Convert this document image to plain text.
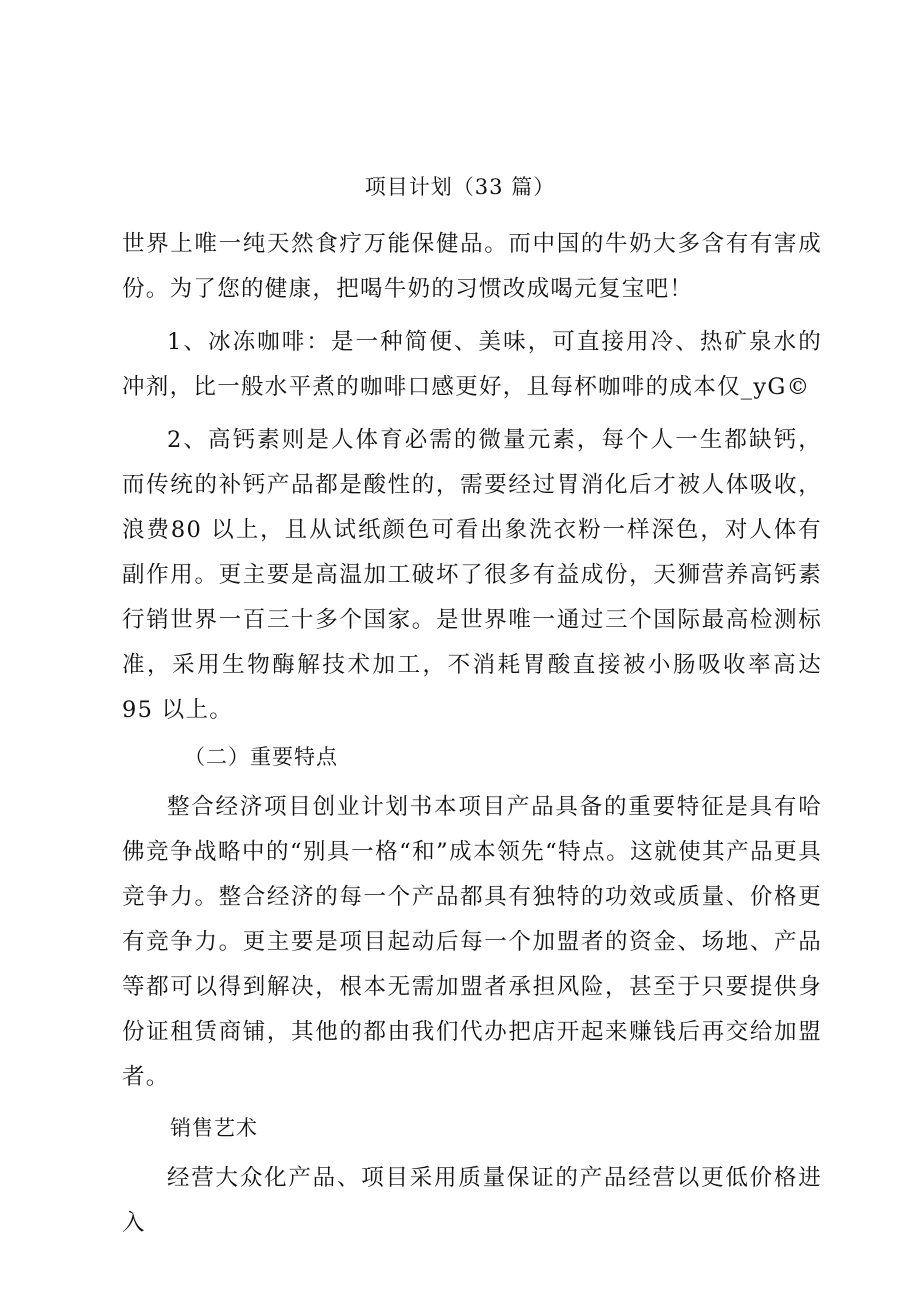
项目计划（33 篇）

世界上唯一纯天然食疗万能保健品。而中国的牛奶大多含有有害成份。为了您的健康，把喝牛奶的习惯改成喝元复宝吧！

1、冰冻咖啡：是一种简便、美味，可直接用冷、热矿泉水的冲剂，比一般水平煮的咖啡口感更好，且每杯咖啡的成本仅_yG©

2、高钙素则是人体育必需的微量元素，每个人一生都缺钙，而传统的补钙产品都是酸性的，需要经过胃消化后才被人体吸收，浪费80 以上，且从试纸颜色可看出象洗衣粉一样深色，对人体有副作用。更主要是高温加工破坏了很多有益成份，天狮营养高钙素行销世界一百三十多个国家。是世界唯一通过三个国际最高检测标准，采用生物酶解技术加工，不消耗胃酸直接被小肠吸收率高达 95 以上。

（二）重要特点

整合经济项目创业计划书本项目产品具备的重要特征是具有哈佛竞争战略中的“别具一格“和”成本领先“特点。这就使其产品更具竞争力。整合经济的每一个产品都具有独特的功效或质量、价格更有竞争力。更主要是项目起动后每一个加盟者的资金、场地、产品等都可以得到解决，根本无需加盟者承担风险，甚至于只要提供身份证租赁商铺，其他的都由我们代办把店开起来赚钱后再交给加盟者。

销售艺术

经营大众化产品、项目采用质量保证的产品经营以更低价格进入
